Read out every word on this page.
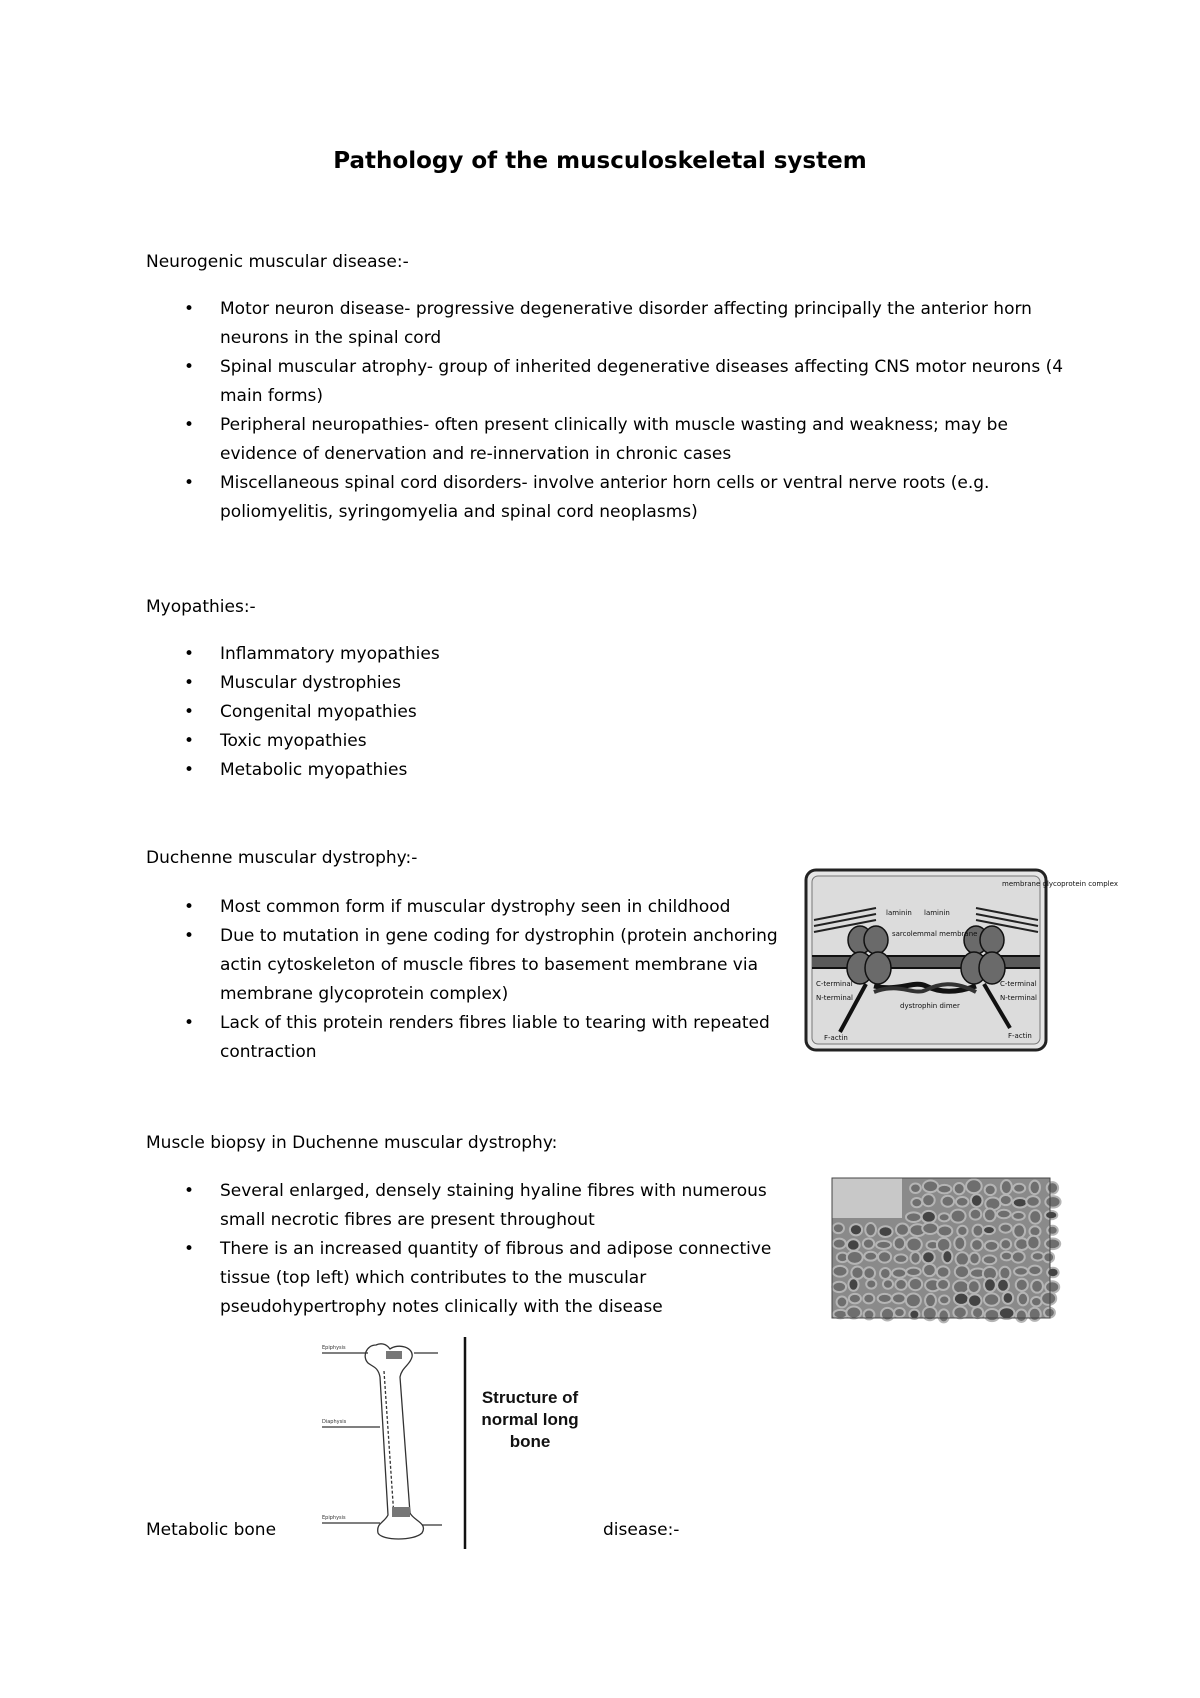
Pathology of the musculoskeletal system

Neurogenic muscular disease:-

• Motor neuron disease- progressive degenerative disorder affecting principally the anterior horn neurons in the spinal cord
• Spinal muscular atrophy- group of inherited degenerative diseases affecting CNS motor neurons (4 main forms)
• Peripheral neuropathies- often present clinically with muscle wasting and weakness; may be evidence of denervation and re-innervation in chronic cases
• Miscellaneous spinal cord disorders- involve anterior horn cells or ventral nerve roots (e.g. poliomyelitis, syringomyelia and spinal cord neoplasms)

Myopathies:-

• Inflammatory myopathies
• Muscular dystrophies
• Congenital myopathies
• Toxic myopathies
• Metabolic myopathies

Duchenne muscular dystrophy:-

• Most common form if muscular dystrophy seen in childhood
• Due to mutation in gene coding for dystrophin (protein anchoring actin cytoskeleton of muscle fibres to basement membrane via membrane glycoprotein complex)
• Lack of this protein renders fibres liable to tearing with repeated contraction
membrane glycoprotein complex
laminin laminin
sarcolemmal membrane
C-terminal
N-terminal
C-terminal
N-terminal
dystrophin dimer
F-actin	F-actin

Muscle biopsy in Duchenne muscular dystrophy:

• Several enlarged, densely staining hyaline fibres with numerous small necrotic fibres are present throughout
• There is an increased quantity of fibrous and adipose connective tissue (top left) which contributes to the muscular pseudohypertrophy notes clinically with the disease
Epiphysis
Diaphysis
Epiphysis
Structure of
normal long
bone
Metabolic bone	disease:-
